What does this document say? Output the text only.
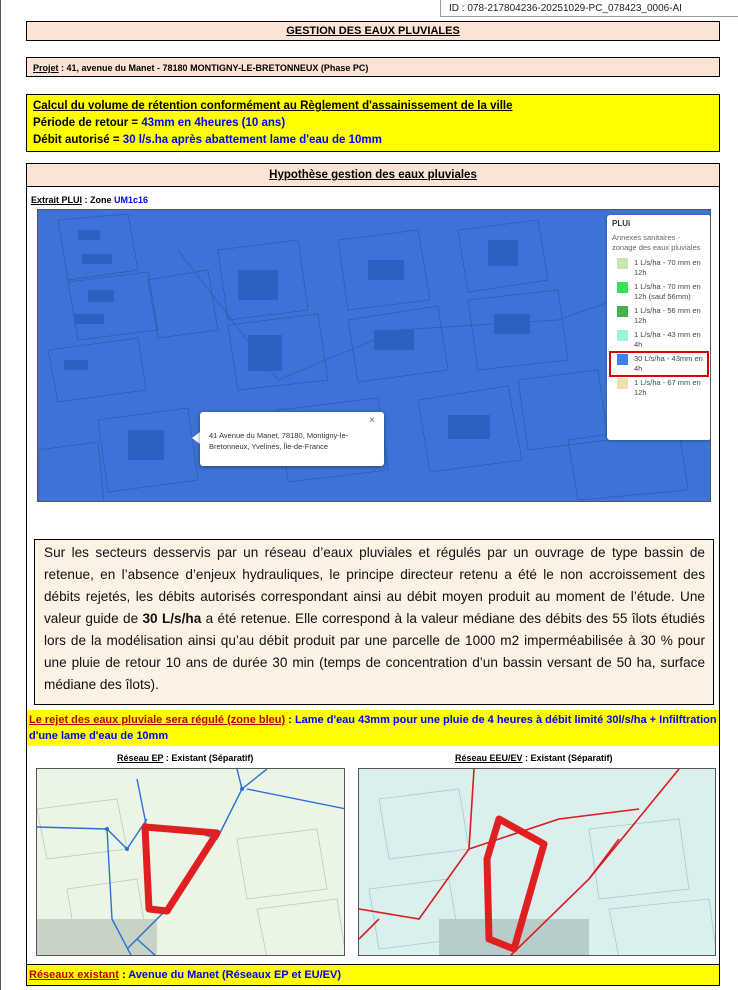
ID : 078-217804236-20251029-PC_078423_0006-AI
GESTION DES EAUX PLUVIALES
Projet : 41, avenue du Manet - 78180 MONTIGNY-LE-BRETONNEUX (Phase PC)
Calcul du volume de rétention conformément au Règlement d'assainissement de la ville
Période de retour = 43mm en 4heures (10 ans)
Débit autorisé = 30 l/s.ha après abattement lame d'eau de 10mm
Hypothèse gestion des eaux pluviales
Extrait PLUI : Zone UM1c16
×
41 Avenue du Manet, 78180, Montigny-le-Bretonneux, Yvelines, Île-de-France
PLUi
Annexes sanitaires - zonage des eaux pluviales
1 L/s/ha - 70 mm en 12h
1 L/s/ha - 70 mm en 12h (sauf 56mm)
1 L/s/ha - 56 mm en 12h
1 L/s/ha - 43 mm en 4h
30 L/s/ha - 43mm en 4h
1 L/s/ha - 67 mm en 12h
Sur les secteurs desservis par un réseau d’eaux pluviales et régulés par un ouvrage de type bassin de retenue, en l’absence d’enjeux hydrauliques, le principe directeur retenu a été le non accroissement des débits rejetés, les débits autorisés correspondant ainsi au débit moyen produit au moment de l’étude. Une valeur guide de 30 L/s/ha a été retenue. Elle correspond à la valeur médiane des débits des 55 îlots étudiés lors de la modélisation ainsi qu’au débit produit par une parcelle de 1000 m2 imperméabilisée à 30 % pour une pluie de retour 10 ans de durée 30 min (temps de concentration d’un bassin versant de 50 ha, surface médiane des îlots).
Le rejet des eaux pluviale sera régulé (zone bleu) : Lame d'eau 43mm pour une pluie de 4 heures à débit limité 30l/s/ha + Infilftration d'une lame d'eau de 10mm
Réseau EP : Existant (Séparatif)	Réseau EEU/EV : Existant (Séparatif)
Réseaux existant : Avenue du Manet (Réseaux EP et EU/EV)
